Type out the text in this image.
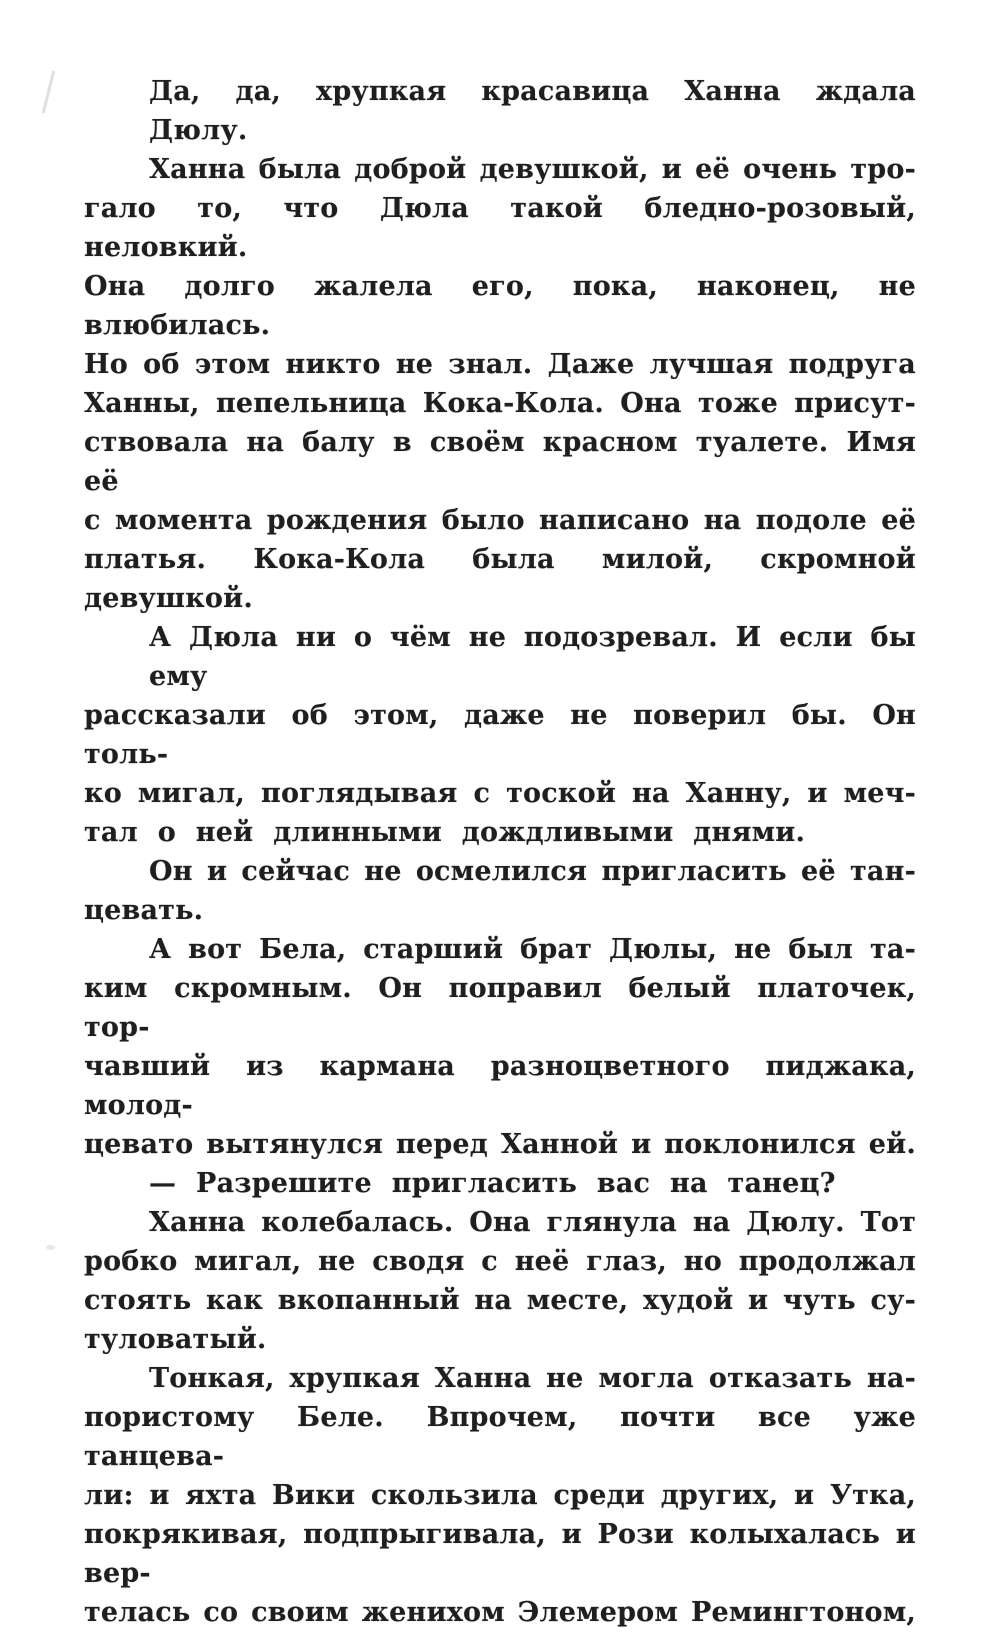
Да, да, хрупкая красавица Ханна ждала Дюлу.
Ханна была доброй девушкой, и её очень тро-
гало то, что Дюла такой бледно-розовый, неловкий.
Она долго жалела его, пока, наконец, не влюбилась.
Но об этом никто не знал. Даже лучшая подруга
Ханны, пепельница Кока-Кола. Она тоже присут-
ствовала на балу в своём красном туалете. Имя её
с момента рождения было написано на подоле её
платья. Кока-Кола была милой, скромной девушкой.
А Дюла ни о чём не подозревал. И если бы ему
рассказали об этом, даже не поверил бы. Он толь-
ко мигал, поглядывая с тоской на Ханну, и меч-
тал о ней длинными дождливыми днями.
Он и сейчас не осмелился пригласить её тан-
цевать.
А вот Бела, старший брат Дюлы, не был та-
ким скромным. Он поправил белый платочек, тор-
чавший из кармана разноцветного пиджака, молод-
цевато вытянулся перед Ханной и поклонился ей.
— Разрешите пригласить вас на танец?
Ханна колебалась. Она глянула на Дюлу. Тот
робко мигал, не сводя с неё глаз, но продолжал
стоять как вкопанный на месте, худой и чуть су-
туловатый.
Тонкая, хрупкая Ханна не могла отказать на-
пористому Беле. Впрочем, почти все уже танцева-
ли: и яхта Вики скользила среди других, и Утка,
покрякивая, подпрыгивала, и Рози колыхалась и вер-
телась со своим женихом Элемером Ремингтоном,
